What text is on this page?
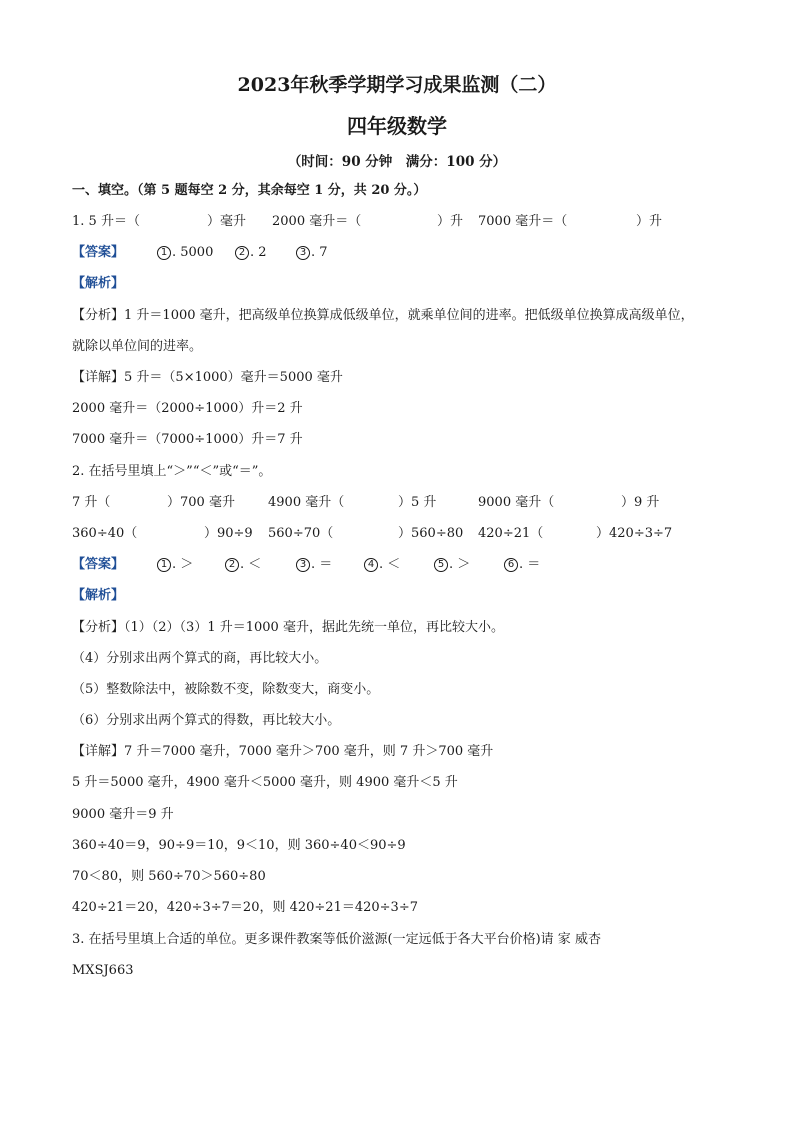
2023年秋季学期学习成果监测（二）
四年级数学
（时间：90 分钟　满分：100 分）
一、填空。（第 5 题每空 2 分，其余每空 1 分，共 20 分。）
1. 5 升＝（	）毫升 2000 毫升＝（	）升 7000 毫升＝（	）升
【答案】	1 . 5000	2 . 2	3 . 7
【解析】
【分析】1 升＝1000 毫升，把高级单位换算成低级单位，就乘单位间的进率。把低级单位换算成高级单位，
就除以单位间的进率。
【详解】5 升＝（5×1000）毫升＝5000 毫升
2000 毫升＝（2000÷1000）升＝2 升
7000 毫升＝（7000÷1000）升＝7 升
2. 在括号里填上“＞”“＜”或“＝”。
7 升（	）700 毫升	4900 毫升（	）5 升	9000 毫升（	）9 升
360÷40（	）90÷9 560÷70（	）560÷80 420÷21（	）420÷3÷7
【答案】	1 . ＞	2 . ＜	3 . ＝	4 . ＜	5 . ＞	6 . ＝
【解析】
【分析】（1）（2）（3）1 升＝1000 毫升，据此先统一单位，再比较大小。
（4）分别求出两个算式的商，再比较大小。
（5）整数除法中，被除数不变，除数变大，商变小。
（6）分别求出两个算式的得数，再比较大小。
【详解】7 升＝7000 毫升，7000 毫升＞700 毫升，则 7 升＞700 毫升
5 升＝5000 毫升，4900 毫升＜5000 毫升，则 4900 毫升＜5 升
9000 毫升＝9 升
360÷40＝9，90÷9＝10，9＜10，则 360÷40＜90÷9
70＜80，则 560÷70＞560÷80
420÷21＝20，420÷3÷7＝20，则 420÷21＝420÷3÷7
3. 在括号里填上合适的单位。更多课件教案等低价滋源(一定远低于各大平台价格)请 家 威杏
MXSJ663
